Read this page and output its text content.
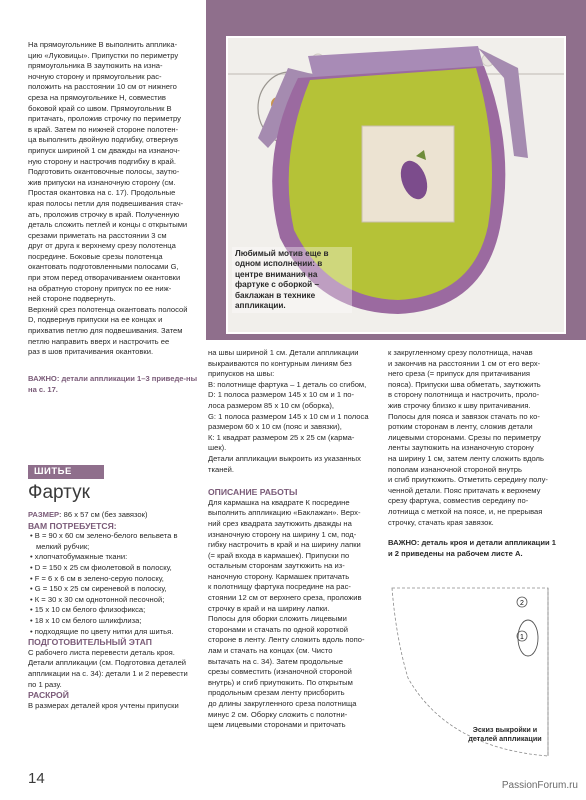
На прямоугольнике В выполнить апплика-

цию «Луковицы». Припустки по периметру

прямоугольника В заутюжить на изна-

ночную сторону и прямоугольник рас-

положить на расстоянии 10 см от нижнего

среза на прямоугольнике Н, совместив

боковой край со швом. Прямоугольник В

притачать, проложив строчку по периметру

в край. Затем по нижней стороне полотен-

ца выполнить двойную подгибку, отвернув

припуск шириной 1 см дважды на изнаноч-

ную сторону и настрочив подгибку в край.

Подготовить окантовочные полосы, заутю-

жив припуски на изнаночную сторону (см.

Простая окантовка на с. 17). Продольные

края полосы петли для подвешивания стач-

ать, проложив строчку в край. Полученную

деталь сложить петлей и концы с открытыми

срезами приметать на расстоянии 3 см

друг от друга к верхнему срезу полотенца

посредине. Боковые срезы полотенца

окантовать подготовленными полосами G,

при этом перед отворачиванием окантовки

на обратную сторону припуск по ее ниж-

ней стороне подвернуть.

Верхний срез полотенца окантовать полосой

D, подвернув припуски на ее концах и

прихватив петлю для подвешивания. Затем

петлю направить вверх и настрочить ее

раз в шов притачивания окантовки.

Любимый мотив еще в одном исполнении: в центре внимания на фартуке с оборкой – баклажан в технике аппликации.
ВАЖНО: детали аппликации 1–3 приведе-ны на с. 17.
ШИТЬЕ
Фартук

РАЗМЕР: 86 x 57 см (без завязок)

ВАМ ПОТРЕБУЕТСЯ:

• В = 90 x 60 см зелено-белого вельвета в мелкий рубчик;

• хлопчатобумажные ткани:

• D = 150 x 25 см фиолетовой в полоску,

• F = 6 x 6 см в зелено-серую полоску,

• G = 150 x 25 см сиреневой в полоску,

• К = 30 x 30 см однотонной песочной;

• 15 x 10 см белого флизофикса;

• 18 x 10 см белого шликфлиза;

• подходящие по цвету нитки для шитья.

ПОДГОТОВИТЕЛЬНЫЙ ЭТАП

С рабочего листа перевести деталь кроя. Детали аппликации (см. Подготовка деталей аппликации на с. 34): детали 1 и 2 перевести по 1 разу.

РАСКРОЙ

В размерах деталей кроя учтены припуски

на швы шириной 1 см. Детали аппликации

выкраиваются по контурным линиям без

припусков на швы:

В: полотнище фартука – 1 деталь со сгибом,

D: 1 полоса размером 145 x 10 см и 1 по-

лоса размером 85 x 10 см (оборка),

G: 1 полоса размером 145 x 10 см и 1 полоса

размером 60 x 10 см (пояс и завязки),

К: 1 квадрат размером 25 x 25 см (карма-

шек).

Детали аппликации выкроить из указанных

тканей.

ОПИСАНИЕ РАБОТЫ

Для кармашка на квадрате К посредине

выполнить аппликацию «Баклажан». Верх-

ний срез квадрата заутюжить дважды на

изнаночную сторону на ширину 1 см, под-

гибку настрочить в край и на ширину лапки

(= край входа в кармашек). Припуски по

остальным сторонам заутюжить на из-

наночную сторону. Кармашек притачать

к полотнищу фартука посредине на рас-

стоянии 12 см от верхнего среза, проложив

строчку в край и на ширину лапки.

Полосы для оборки сложить лицевыми

сторонами и стачать по одной короткой

стороне в ленту. Ленту сложить вдоль попо-

лам и стачать на концах (см. Чисто

вытачать на с. 34). Затем продольные

срезы совместить (изнаночной стороной

внутрь) и сгиб приутюжить. По открытым

продольным срезам ленту присборить

до длины закругленного среза полотнища

минус 2 см. Оборку сложить с полотни-

щем лицевыми сторонами и приточать

к закругленному срезу полотнища, начав

и закончив на расстоянии 1 см от его верх-

него среза (= припуск для притачивания

пояса). Припуски шва обметать, заутюжить

в сторону полотнища и настрочить, проло-

жив строчку близко к шву притачивания.

Полосы для пояса и завязок стачать по ко-

ротким сторонам в ленту, сложив детали

лицевыми сторонами. Срезы по периметру

ленты заутюжить на изнаночную сторону

на ширину 1 см, затем ленту сложить вдоль

пополам изнаночной стороной внутрь

и сгиб приутюжить. Отметить середину полу-

ченной детали. Пояс притачать к верхнему

срезу фартука, совместив середину по-

лотнища с меткой на поясе, и, не прерывая

строчку, стачать края завязок.

ВАЖНО: деталь кроя и детали аппликации 1 и 2 приведены на рабочем листе А.

2
1
Эскиз выкройки и деталей аппликации
14	PassionForum.ru
